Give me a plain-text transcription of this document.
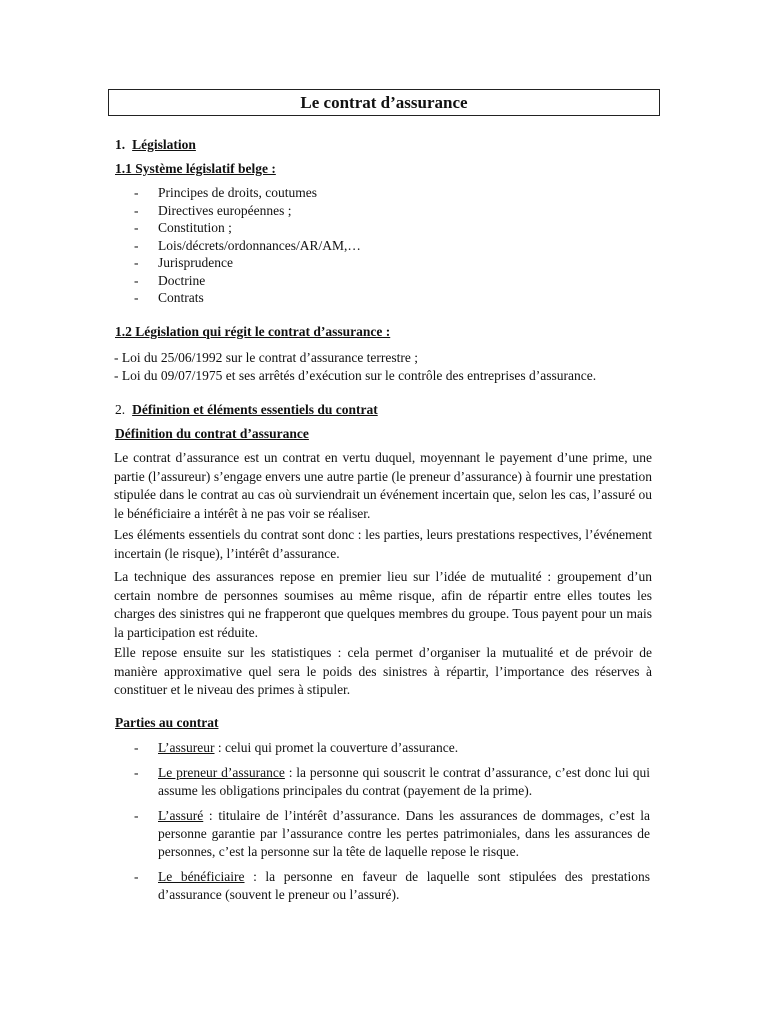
Le contrat d’assurance
1. Législation
1.1 Système législatif belge :
- Principes de droits, coutumes
- Directives européennes ;
- Constitution ;
- Lois/décrets/ordonnances/AR/AM,…
- Jurisprudence
- Doctrine
- Contrats
1.2 Législation qui régit le contrat d’assurance :
- Loi du 25/06/1992 sur le contrat d’assurance terrestre ;
- Loi du 09/07/1975 et ses arrêtés d’exécution sur le contrôle des entreprises d’assurance.
2. Définition et éléments essentiels du contrat
Définition du contrat d’assurance
Le contrat d’assurance est un contrat en vertu duquel, moyennant le payement d’une prime, une partie (l’assureur) s’engage envers une autre partie (le preneur d’assurance) à fournir une prestation stipulée dans le contrat au cas où surviendrait un événement incertain que, selon les cas, l’assuré ou le bénéficiaire a intérêt à ne pas voir se réaliser.
Les éléments essentiels du contrat sont donc : les parties, leurs prestations respectives, l’événement incertain (le risque), l’intérêt d’assurance.
La technique des assurances repose en premier lieu sur l’idée de mutualité : groupement d’un certain nombre de personnes soumises au même risque, afin de répartir entre elles toutes les charges des sinistres qui ne frapperont que quelques membres du groupe. Tous payent pour un mais la participation est réduite.
Elle repose ensuite sur les statistiques : cela permet d’organiser la mutualité et de prévoir de manière approximative quel sera le poids des sinistres à répartir, l’importance des réserves à constituer et le niveau des primes à stipuler.
Parties au contrat
- L’assureur : celui qui promet la couverture d’assurance.
- Le preneur d’assurance : la personne qui souscrit le contrat d’assurance, c’est donc lui qui assume les obligations principales du contrat (payement de la prime).
- L’assuré : titulaire de l’intérêt d’assurance. Dans les assurances de dommages, c’est la personne garantie par l’assurance contre les pertes patrimoniales, dans les assurances de personnes, c’est la personne sur la tête de laquelle repose le risque.
- Le bénéficiaire : la personne en faveur de laquelle sont stipulées des prestations d’assurance (souvent le preneur ou l’assuré).
